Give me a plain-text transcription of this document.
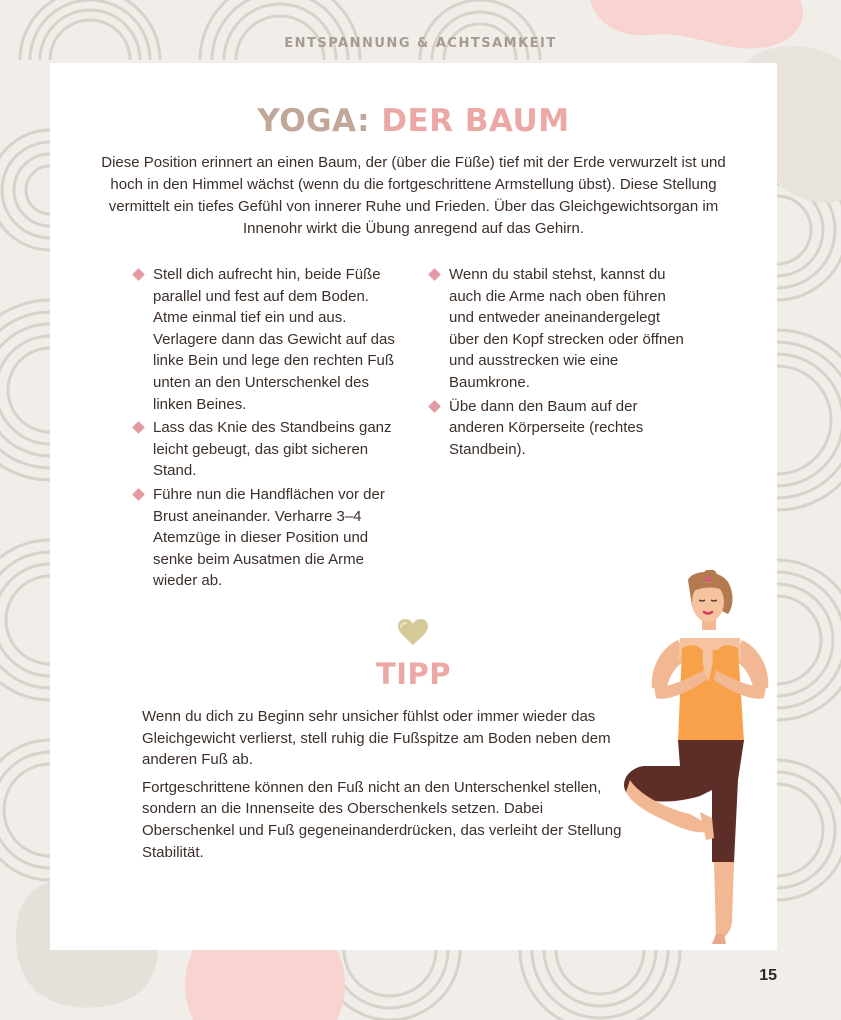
ENTSPANNUNG & ACHTSAMKEIT
YOGA: DER BAUM
Diese Position erinnert an einen Baum, der (über die Füße) tief mit der Erde verwurzelt ist und hoch in den Himmel wächst (wenn du die fortgeschrittene Armstellung übst). Diese Stellung vermittelt ein tiefes Gefühl von innerer Ruhe und Frieden. Über das Gleichgewichtsorgan im Innenohr wirkt die Übung anregend auf das Gehirn.
Stell dich aufrecht hin, beide Füße parallel und fest auf dem Boden. Atme einmal tief ein und aus. Verlagere dann das Gewicht auf das linke Bein und lege den rechten Fuß unten an den Unterschenkel des linken Beines.
Lass das Knie des Standbeins ganz leicht gebeugt, das gibt sicheren Stand.
Führe nun die Handflächen vor der Brust aneinander. Verharre 3–4 Atemzüge in dieser Position und senke beim Ausatmen die Arme wieder ab.
Wenn du stabil stehst, kannst du auch die Arme nach oben führen und entweder aneinandergelegt über den Kopf strecken oder öffnen und ausstrecken wie eine Baumkrone.
Übe dann den Baum auf der anderen Körperseite (rechtes Standbein).
TIPP

Wenn du dich zu Beginn sehr unsicher fühlst oder immer wieder das Gleichgewicht verlierst, stell ruhig die Fußspitze am Boden neben dem anderen Fuß ab.

Fortgeschrittene können den Fuß nicht an den Unterschenkel stellen, sondern an die Innenseite des Oberschenkels setzen. Dabei Oberschenkel und Fuß gegeneinanderdrücken, das verleiht der Stellung Stabilität.

15
